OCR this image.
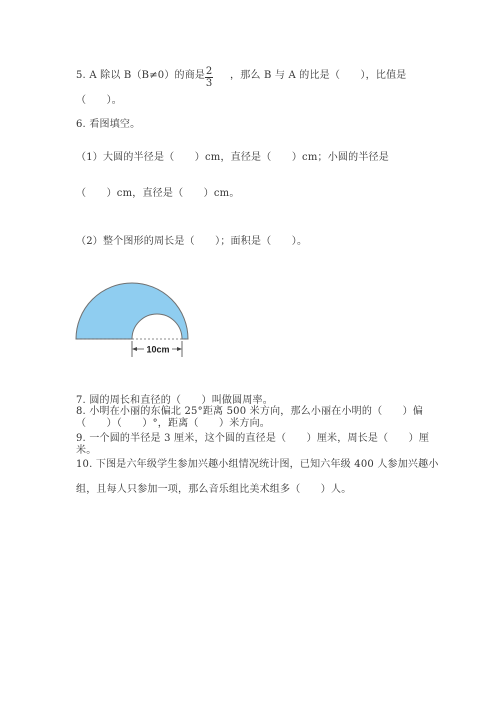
5. A 除以 B（B≠0）的商是 2
3
，那么 B 与 A 的比是（　　），比值是
（　　）。
6. 看图填空。
（1）大圆的半径是（　　）cm，直径是（　　）cm；小圆的半径是
（　　）cm，直径是（　　）cm。
（2）整个图形的周长是（　　）；面积是（　　）。
10cm
7. 圆的周长和直径的（　　）叫做圆周率。
8. 小明在小丽的东偏北 25°距离 500 米方向，那么小丽在小明的（　　）偏
（　　）（　　）°，距离（　　）米方向。
9. 一个圆的半径是 3 厘米，这个圆的直径是（　　）厘米，周长是（　　）厘
米。
10. 下图是六年级学生参加兴趣小组情况统计图，已知六年级 400 人参加兴趣小
组，且每人只参加一项，那么音乐组比美术组多（　　）人。
